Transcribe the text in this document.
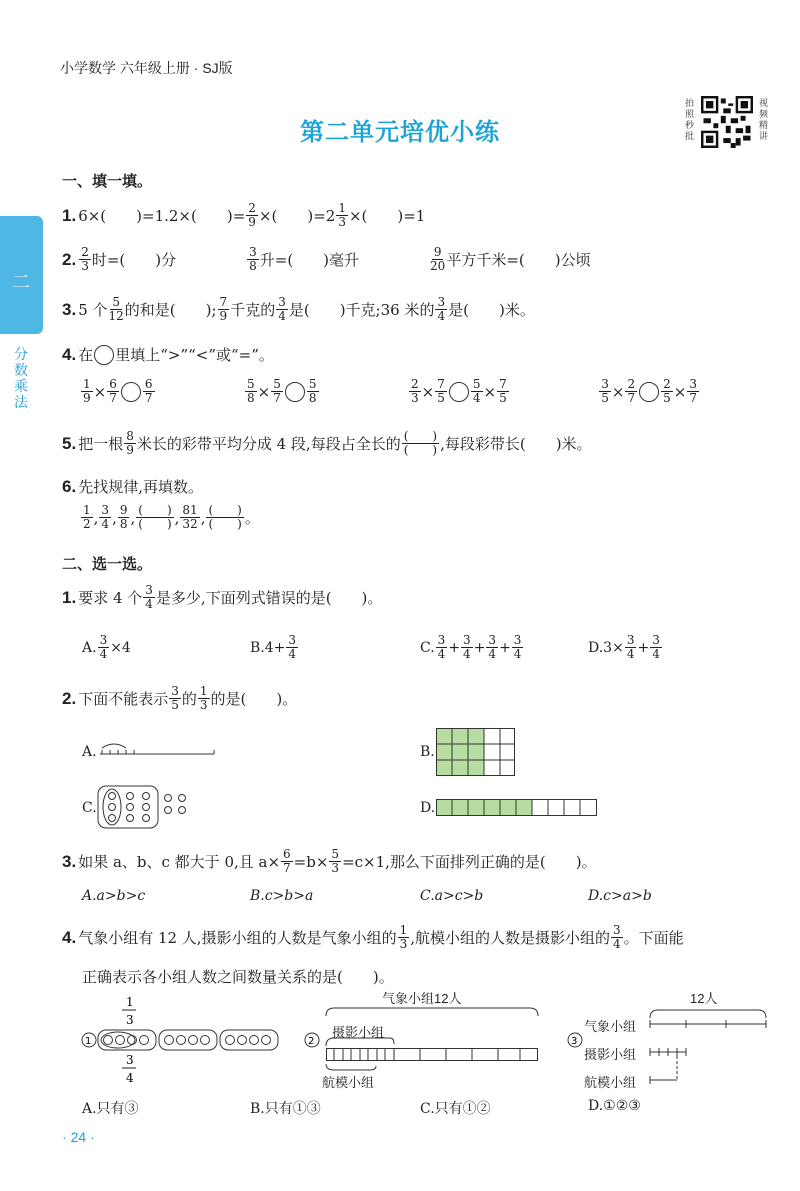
小学数学 六年级上册 · SJ版
第二单元培优小练
拍照秒批
视频精讲
二
分数乘法
一、填一填。
1. 6×(　　)=1.2×(　　)= $\frac{2}{9}$ ×(　　)$=2 \frac{1}{3}$ ×(　　)=1
2. 2
3 时=(　　)分	3
8 升=(　　)毫升	9
20 平方千米=(　　)公顷
3. 5 个 5
12 的和是(　　); 7
9 千克的 3
4 是(　　)千克;36 米的 3
4 是(　　)米。
4. 在 里填上“>”“<”或“=”。
1
9 × 6
7
6
7
5
8 × 5
7
5
8
2
3 × 7
5
5
4 × 7
5
3
5 × 2
7
2
5 × 3
7
5. 把一根 8
9 米长的彩带平均分成 4 段,每段占全长的 (　　)
(　　) ,每段彩带长(　　)米。
6. 先找规律,再填数。
1
2 , 3
4 , 9
8 , (　　)
(　　) , 81
32 , (　　)
(　　) 。
二、选一选。
1. 要求 4 个 3
4 是多少,下面列式错误的是(　　)。
A. 3
4 ×4	$B.4+ \frac{3}{4}$	C. 3
4 + 3
4 + 3
4 + 3
4	$D.3\times \frac{3}{4} + 3$
4
2. 下面不能表示 3
5 的 1
3 的是(　　)。
A.	B.
C.	D.
3. 如果 a、b、c 都大于 0,且 $a\times \frac{6}{7} =b\times \frac{5}{3} =c\times 1$,那么下面排列正确的是(　　)。
A.a>b>c	B.c>b>a	C.a>c>b	D.c>a>b
4. 气象小组有 12 人,摄影小组的人数是气象小组的 1
3 ,航模小组的人数是摄影小组的 3
4 。下面能
正确表示各小组人数之间数量关系的是(　　)。
1
3
1
3
4
气象小组12人
摄影小组
航模小组
2
12人
气象小组
摄影小组
航模小组
3
A.只有③	B.只有①③	C.只有①②	D.①②③
· 24 ·
